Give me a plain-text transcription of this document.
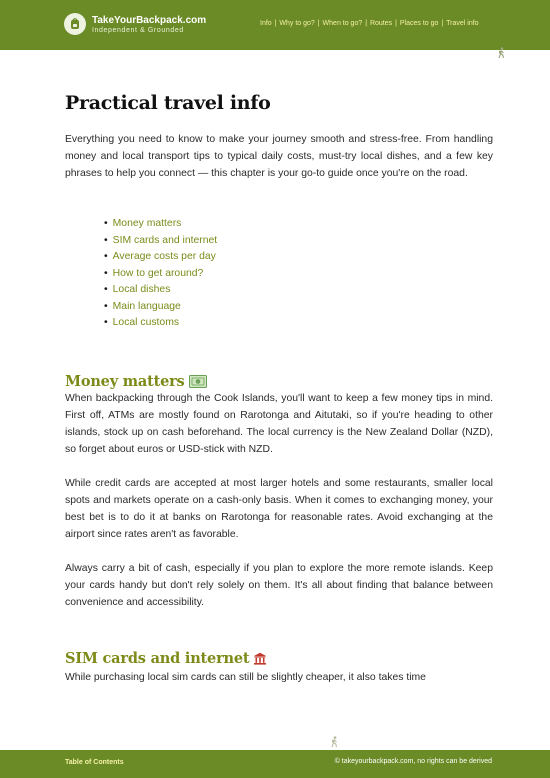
TakeYourBackpack.com
Independent & Grounded
Info | Why to go? | When to go? | Routes | Places to go | Travel info
Practical travel info

Everything you need to know to make your journey smooth and stress-free. From handling money and local transport tips to typical daily costs, must-try local dishes, and a few key phrases to help you connect — this chapter is your go-to guide once you're on the road.

• Money matters
• SIM cards and internet
• Average costs per day
• How to get around?
• Local dishes
• Main language
• Local customs
Money matters

When backpacking through the Cook Islands, you'll want to keep a few money tips in mind. First off, ATMs are mostly found on Rarotonga and Aitutaki, so if you're heading to other islands, stock up on cash beforehand. The local currency is the New Zealand Dollar (NZD), so forget about euros or USD-stick with NZD.

While credit cards are accepted at most larger hotels and some restaurants, smaller local spots and markets operate on a cash-only basis. When it comes to exchanging money, your best bet is to do it at banks on Rarotonga for reasonable rates. Avoid exchanging at the airport since rates aren't as favorable.

Always carry a bit of cash, especially if you plan to explore the more remote islands. Keep your cards handy but don't rely solely on them. It's all about finding that balance between convenience and accessibility.

SIM cards and internet

While purchasing local sim cards can still be slightly cheaper, it also takes time

Table of Contents	© takeyourbackpack.com, no rights can be derived
